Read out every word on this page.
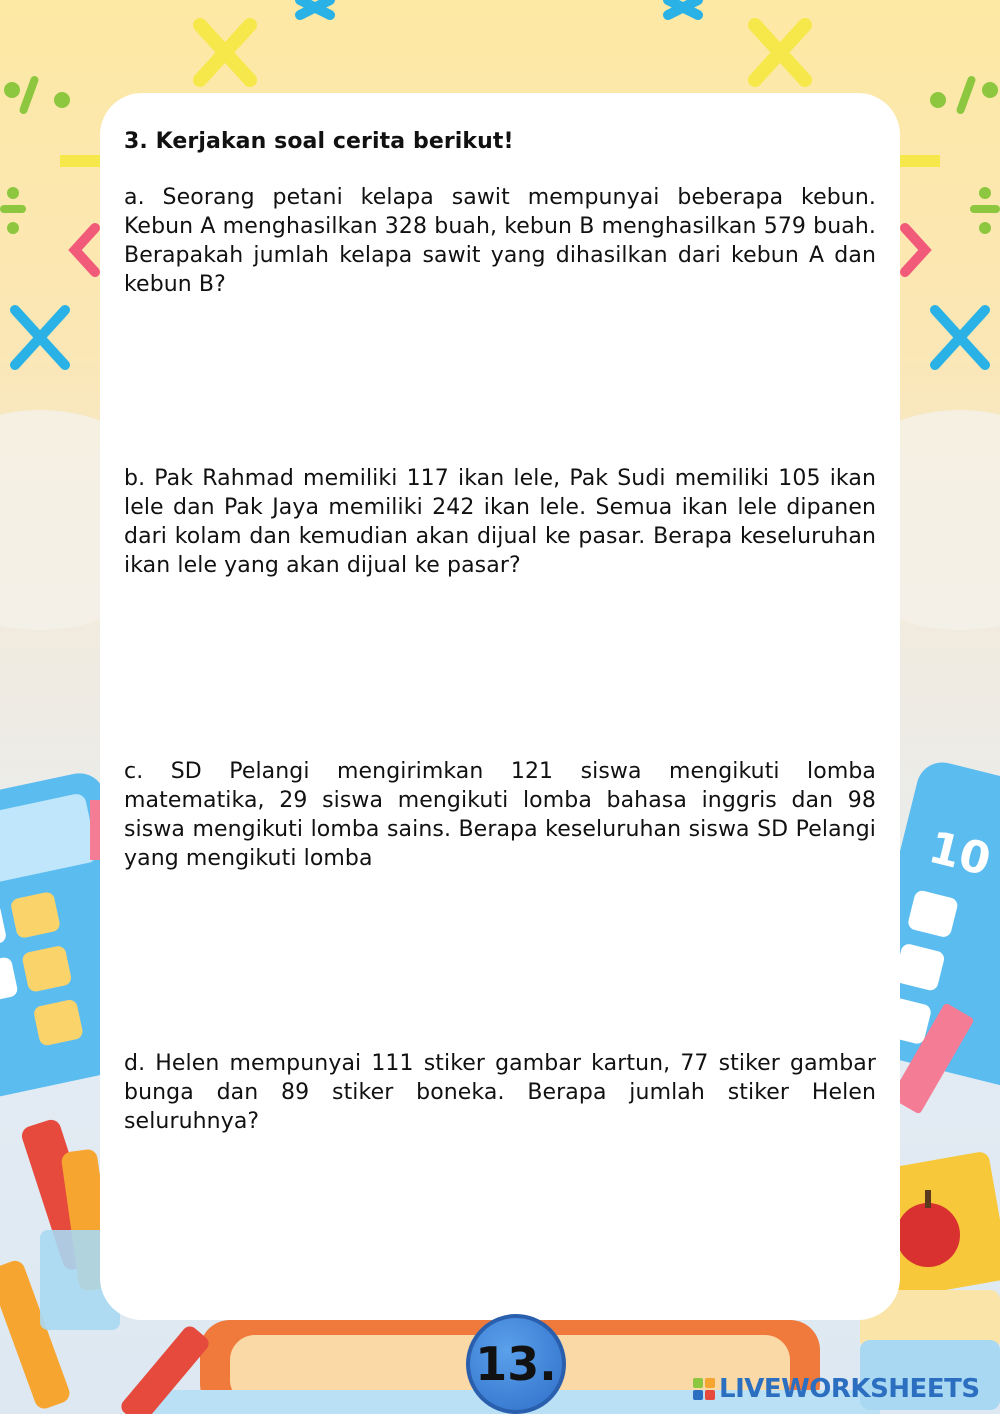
10
3. Kerjakan soal cerita berikut!

a. Seorang petani kelapa sawit mempunyai beberapa kebun. Kebun A menghasilkan 328 buah, kebun B menghasilkan 579 buah. Berapakah jumlah kelapa sawit yang dihasilkan dari kebun A dan kebun B?

b. Pak Rahmad memiliki 117 ikan lele, Pak Sudi memiliki 105 ikan lele dan Pak Jaya memiliki 242 ikan lele. Semua ikan lele dipanen dari kolam dan kemudian akan dijual ke pasar. Berapa keseluruhan ikan lele yang akan dijual ke pasar?

c. SD Pelangi mengirimkan 121 siswa mengikuti lomba matematika, 29 siswa mengikuti lomba bahasa inggris dan 98 siswa mengikuti lomba sains. Berapa keseluruhan siswa SD Pelangi yang mengikuti lomba

d. Helen mempunyai 111 stiker gambar kartun, 77 stiker gambar bunga dan 89 stiker boneka. Berapa jumlah stiker Helen seluruhnya?

13.	LIVEWORKSHEETS
